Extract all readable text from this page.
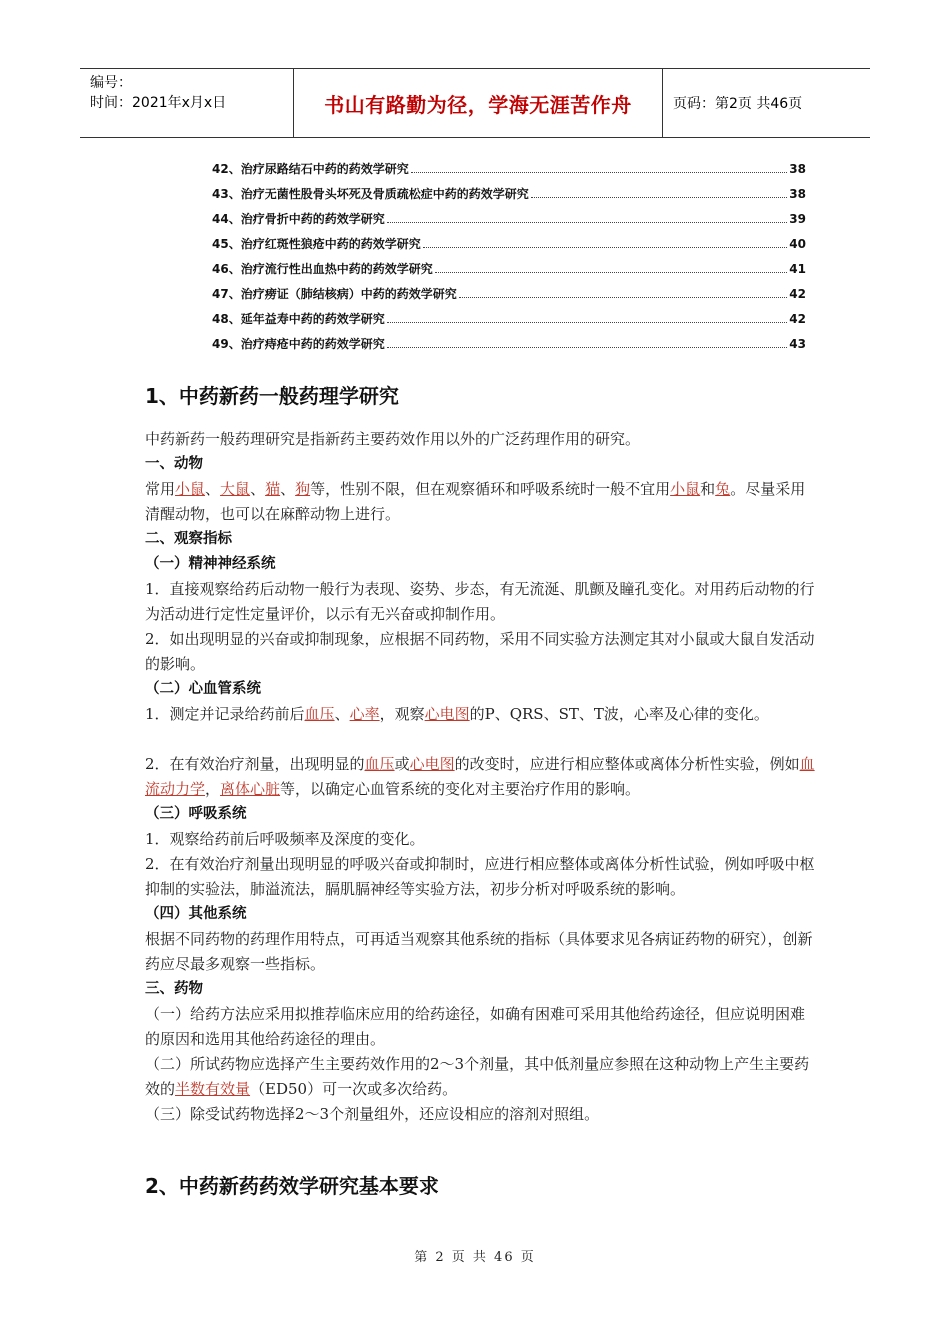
编号：
时间：2021年x月x日	书山有路勤为径，学海无涯苦作舟	页码：第2页 共46页
42、治疗尿路结石中药的药效学研究	38
43、治疗无菌性股骨头坏死及骨质疏松症中药的药效学研究	38
44、治疗骨折中药的药效学研究	39
45、治疗红斑性狼疮中药的药效学研究	40
46、治疗流行性出血热中药的药效学研究	41
47、治疗痨证（肺结核病）中药的药效学研究	42
48、延年益寿中药的药效学研究	42
49、治疗痔疮中药的药效学研究	43
1、中药新药一般药理学研究

中药新药一般药理研究是指新药主要药效作用以外的广泛药理作用的研究。

一、动物

常用小鼠、大鼠、猫、狗等，性别不限，但在观察循环和呼吸系统时一般不宜用小鼠和兔。尽量采用清醒动物，也可以在麻醉动物上进行。

二、观察指标

（一）精神神经系统

1．直接观察给药后动物一般行为表现、姿势、步态，有无流涎、肌颤及瞳孔变化。对用药后动物的行为活动进行定性定量评价，以示有无兴奋或抑制作用。

2．如出现明显的兴奋或抑制现象，应根据不同药物，采用不同实验方法测定其对小鼠或大鼠自发活动的影响。

（二）心血管系统

1．测定并记录给药前后血压、心率，观察心电图的P、QRS、ST、T波，心率及心律的变化。

2．在有效治疗剂量，出现明显的血压或心电图的改变时，应进行相应整体或离体分析性实验，例如血流动力学，离体心脏等，以确定心血管系统的变化对主要治疗作用的影响。

（三）呼吸系统

1．观察给药前后呼吸频率及深度的变化。

2．在有效治疗剂量出现明显的呼吸兴奋或抑制时，应进行相应整体或离体分析性试验，例如呼吸中枢抑制的实验法，肺溢流法，膈肌膈神经等实验方法，初步分析对呼吸系统的影响。

（四）其他系统

根据不同药物的药理作用特点，可再适当观察其他系统的指标（具体要求见各病证药物的研究），创新药应尽最多观察一些指标。

三、药物

（一）给药方法应采用拟推荐临床应用的给药途径，如确有困难可采用其他给药途径，但应说明困难的原因和选用其他给药途径的理由。

（二）所试药物应选择产生主要药效作用的2～3个剂量，其中低剂量应参照在这种动物上产生主要药效的半数有效量（ED50）可一次或多次给药。

（三）除受试药物选择2～3个剂量组外，还应设相应的溶剂对照组。

2、中药新药药效学研究基本要求
第 2 页 共 46 页
